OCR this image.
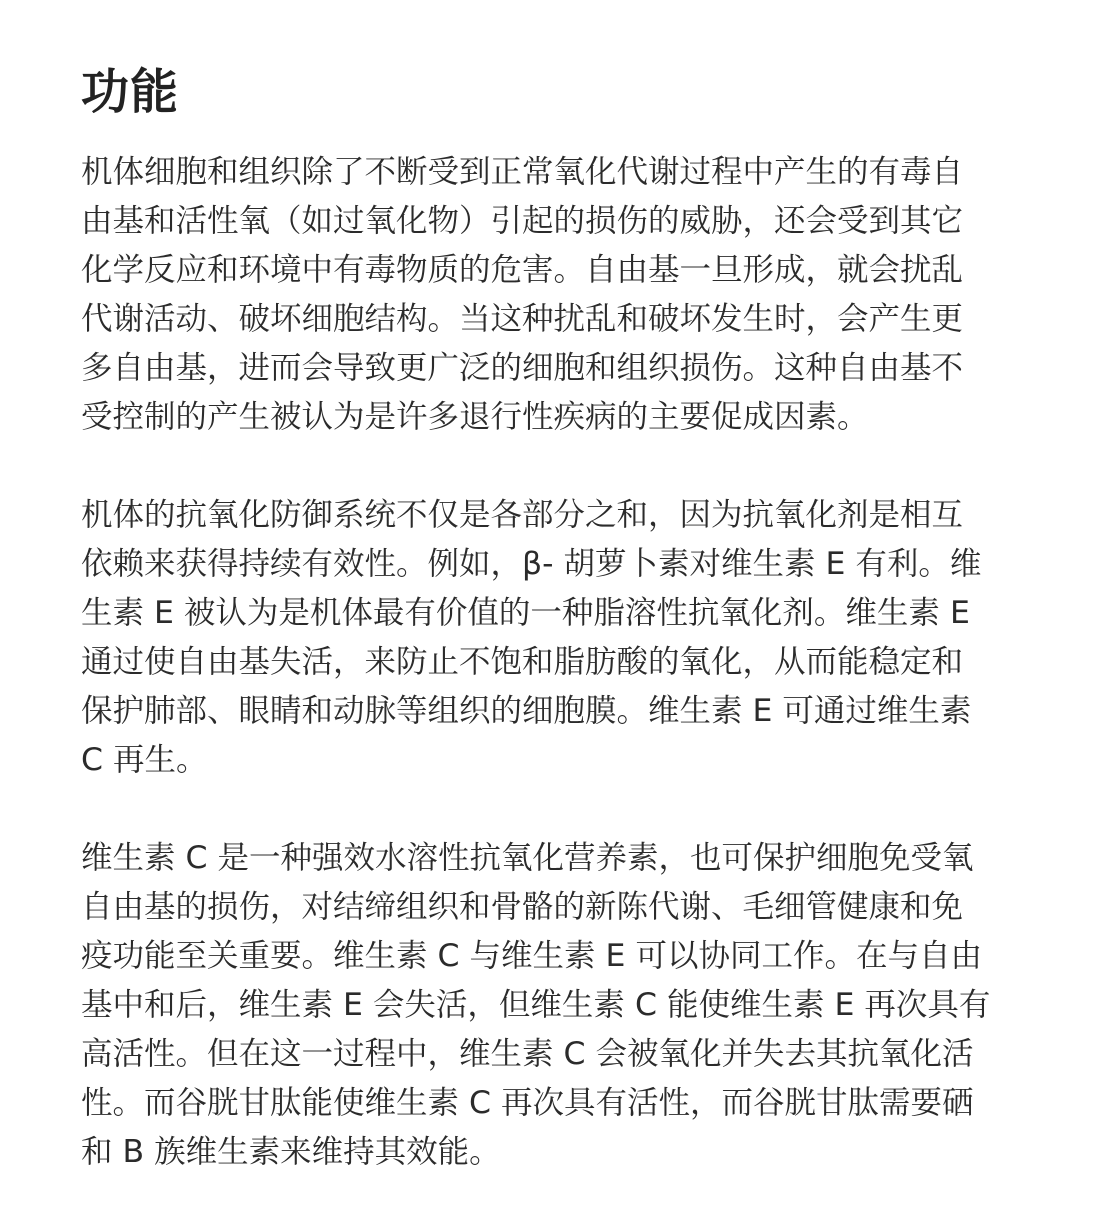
功能
机体细胞和组织除了不断受到正常氧化代谢过程中产生的有毒自
由基和活性氧（如过氧化物）引起的损伤的威胁，还会受到其它
化学反应和环境中有毒物质的危害。自由基一旦形成，就会扰乱
代谢活动、破坏细胞结构。当这种扰乱和破坏发生时，会产生更
多自由基，进而会导致更广泛的细胞和组织损伤。这种自由基不
受控制的产生被认为是许多退行性疾病的主要促成因素。
机体的抗氧化防御系统不仅是各部分之和，因为抗氧化剂是相互
依赖来获得持续有效性。例如，β- 胡萝卜素对维生素 E 有利。维
生素 E 被认为是机体最有价值的一种脂溶性抗氧化剂。维生素 E
通过使自由基失活，来防止不饱和脂肪酸的氧化，从而能稳定和
保护肺部、眼睛和动脉等组织的细胞膜。维生素 E 可通过维生素
C 再生。
维生素 C 是一种强效水溶性抗氧化营养素，也可保护细胞免受氧
自由基的损伤，对结缔组织和骨骼的新陈代谢、毛细管健康和免
疫功能至关重要。维生素 C 与维生素 E 可以协同工作。在与自由
基中和后，维生素 E 会失活，但维生素 C 能使维生素 E 再次具有
高活性。但在这一过程中，维生素 C 会被氧化并失去其抗氧化活
性。而谷胱甘肽能使维生素 C 再次具有活性，而谷胱甘肽需要硒
和 B 族维生素来维持其效能。
